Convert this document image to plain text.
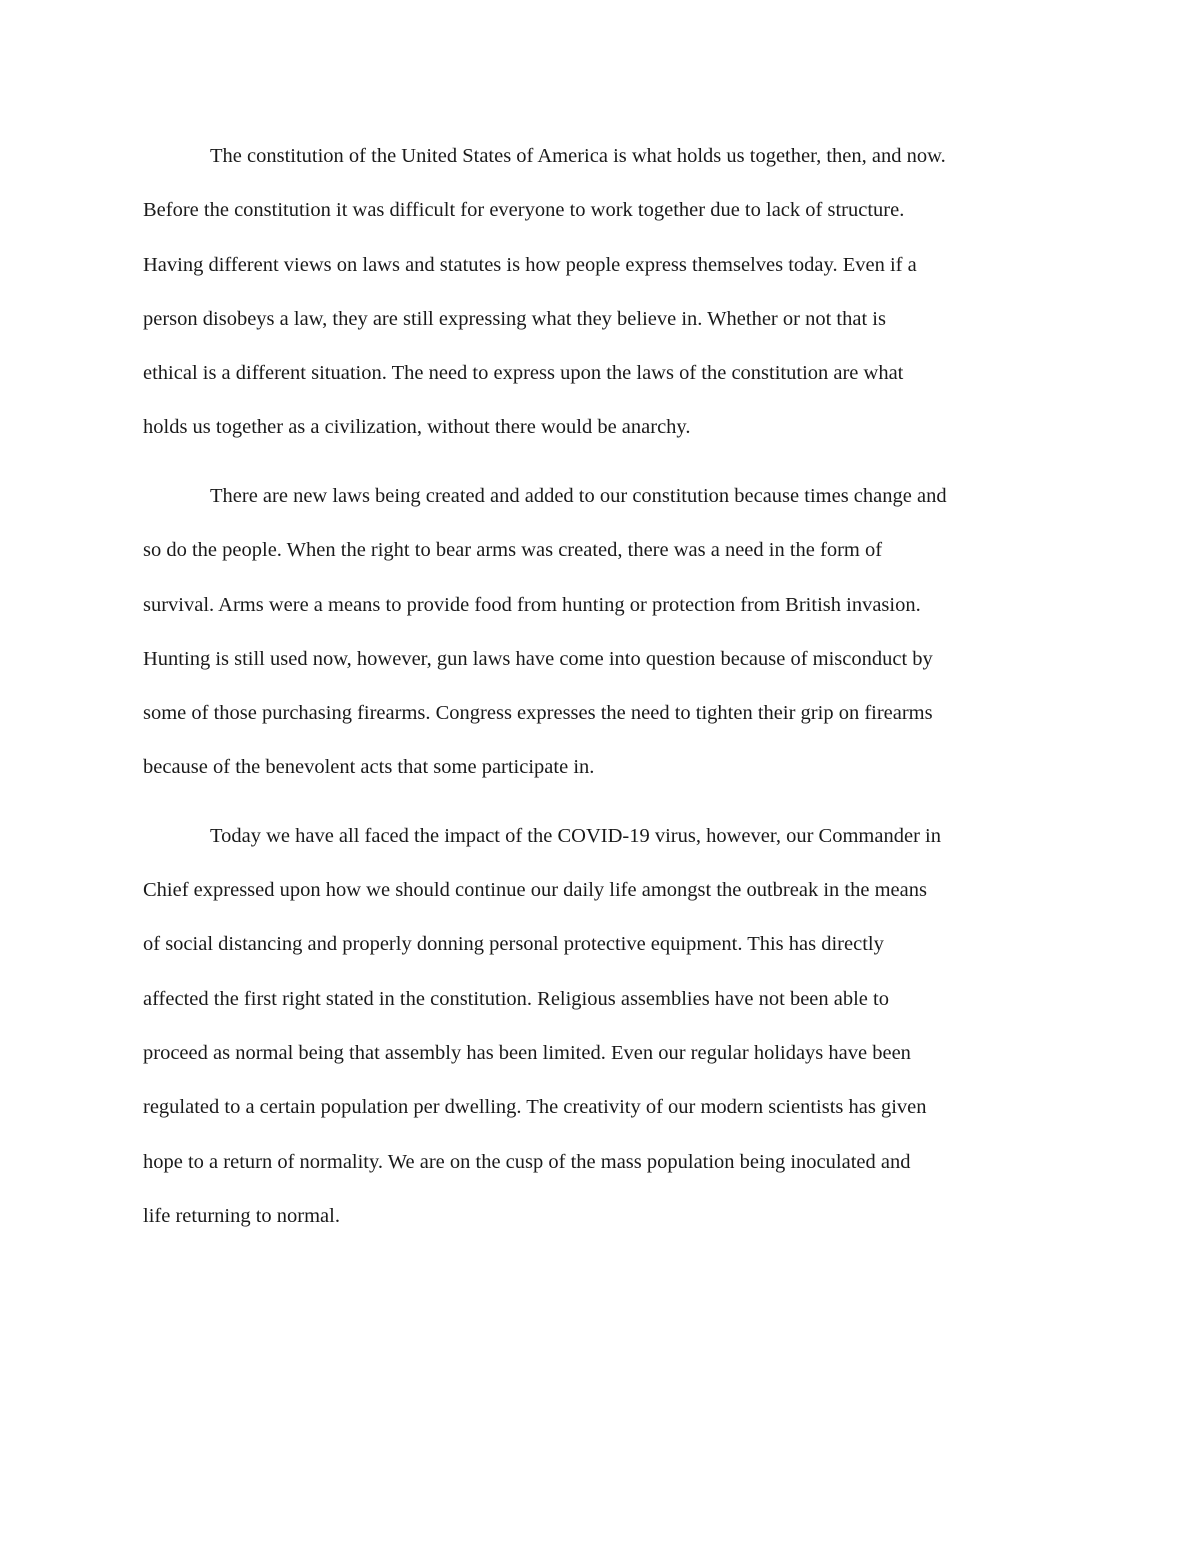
The constitution of the United States of America is what holds us together, then, and now.
Before the constitution it was difficult for everyone to work together due to lack of structure.
Having different views on laws and statutes is how people express themselves today. Even if a
person disobeys a law, they are still expressing what they believe in. Whether or not that is
ethical is a different situation. The need to express upon the laws of the constitution are what
holds us together as a civilization, without there would be anarchy.
There are new laws being created and added to our constitution because times change and
so do the people. When the right to bear arms was created, there was a need in the form of
survival. Arms were a means to provide food from hunting or protection from British invasion.
Hunting is still used now, however, gun laws have come into question because of misconduct by
some of those purchasing firearms. Congress expresses the need to tighten their grip on firearms
because of the benevolent acts that some participate in.
Today we have all faced the impact of the COVID-19 virus, however, our Commander in
Chief expressed upon how we should continue our daily life amongst the outbreak in the means
of social distancing and properly donning personal protective equipment. This has directly
affected the first right stated in the constitution. Religious assemblies have not been able to
proceed as normal being that assembly has been limited. Even our regular holidays have been
regulated to a certain population per dwelling. The creativity of our modern scientists has given
hope to a return of normality. We are on the cusp of the mass population being inoculated and
life returning to normal.
